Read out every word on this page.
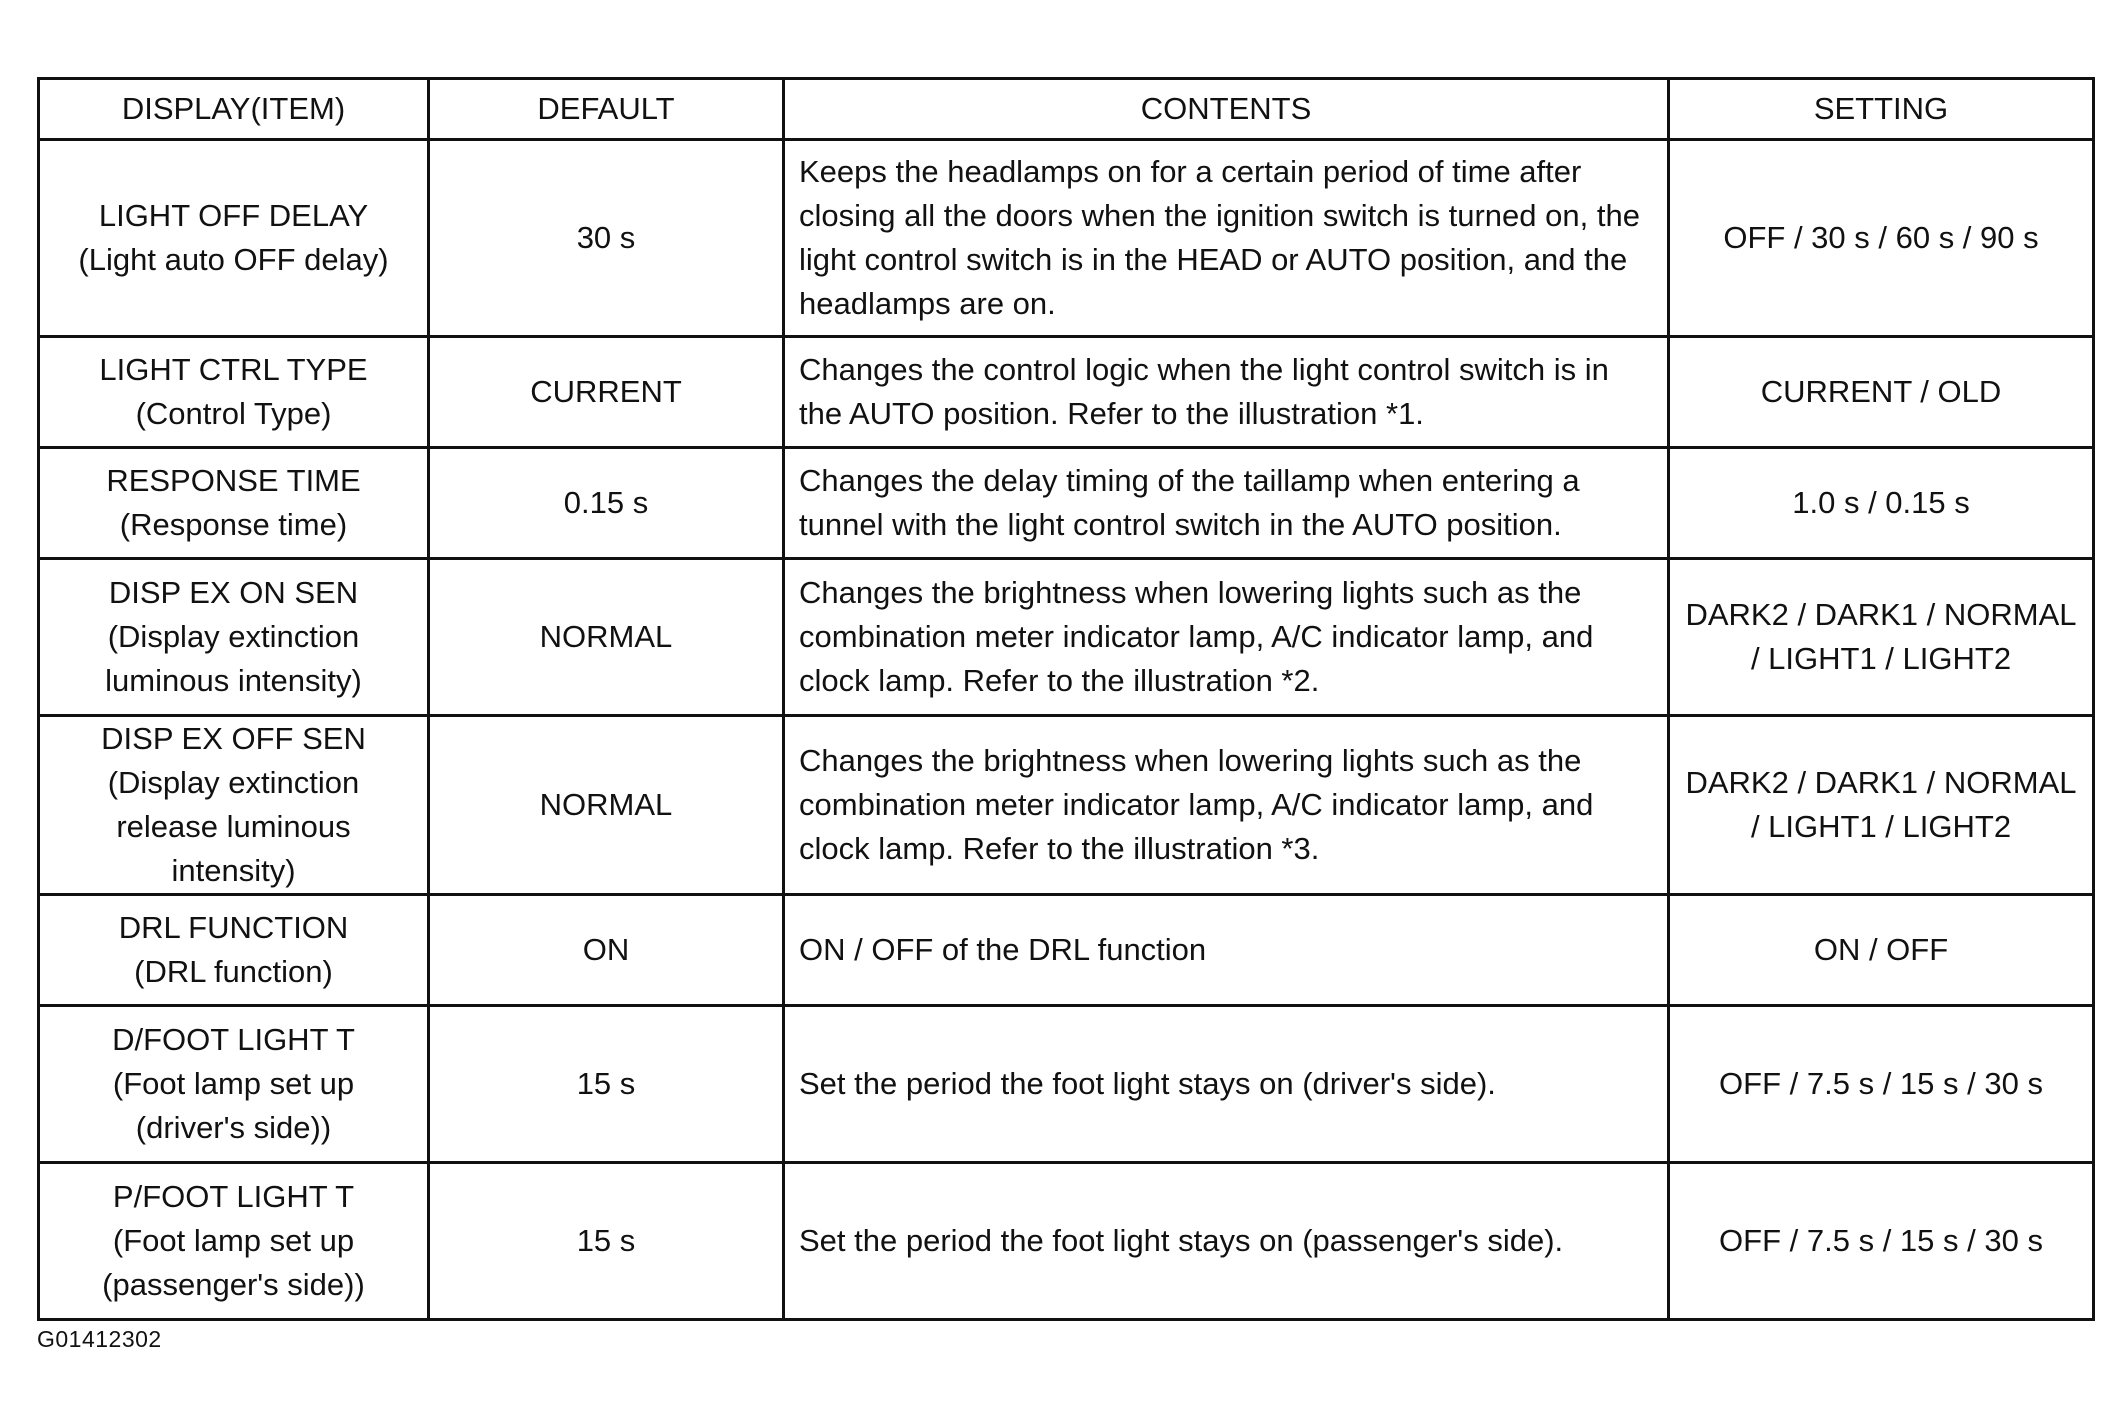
DISPLAY(ITEM)	DEFAULT	CONTENTS	SETTING

LIGHT OFF DELAY
(Light auto OFF delay)	30 s	Keeps the headlamps on for a certain period of time after closing all the doors when the ignition switch is turned on, the light control switch is in the HEAD or AUTO position, and the headlamps are on.	OFF / 30 s / 60 s / 90 s

LIGHT CTRL TYPE
(Control Type)	CURRENT	Changes the control logic when the light control switch is in the AUTO position. Refer to the illustration *1.	CURRENT / OLD

RESPONSE TIME
(Response time)	0.15 s	Changes the delay timing of the taillamp when entering a tunnel with the light control switch in the AUTO position.	1.0 s / 0.15 s

DISP EX ON SEN
(Display extinction luminous intensity)	NORMAL	Changes the brightness when lowering lights such as the combination meter indicator lamp, A/C indicator lamp, and clock lamp. Refer to the illustration *2.	DARK2 / DARK1 / NORMAL / LIGHT1 / LIGHT2

DISP EX OFF SEN
(Display extinction release luminous intensity)	NORMAL	Changes the brightness when lowering lights such as the combination meter indicator lamp, A/C indicator lamp, and clock lamp. Refer to the illustration *3.	DARK2 / DARK1 / NORMAL / LIGHT1 / LIGHT2

DRL FUNCTION
(DRL function)	ON	ON / OFF of the DRL function	ON / OFF

D/FOOT LIGHT T
(Foot lamp set up (driver's side))	15 s	Set the period the foot light stays on (driver's side).	OFF / 7.5 s / 15 s / 30 s

P/FOOT LIGHT T
(Foot lamp set up (passenger's side))	15 s	Set the period the foot light stays on (passenger's side).	OFF / 7.5 s / 15 s / 30 s
G01412302
